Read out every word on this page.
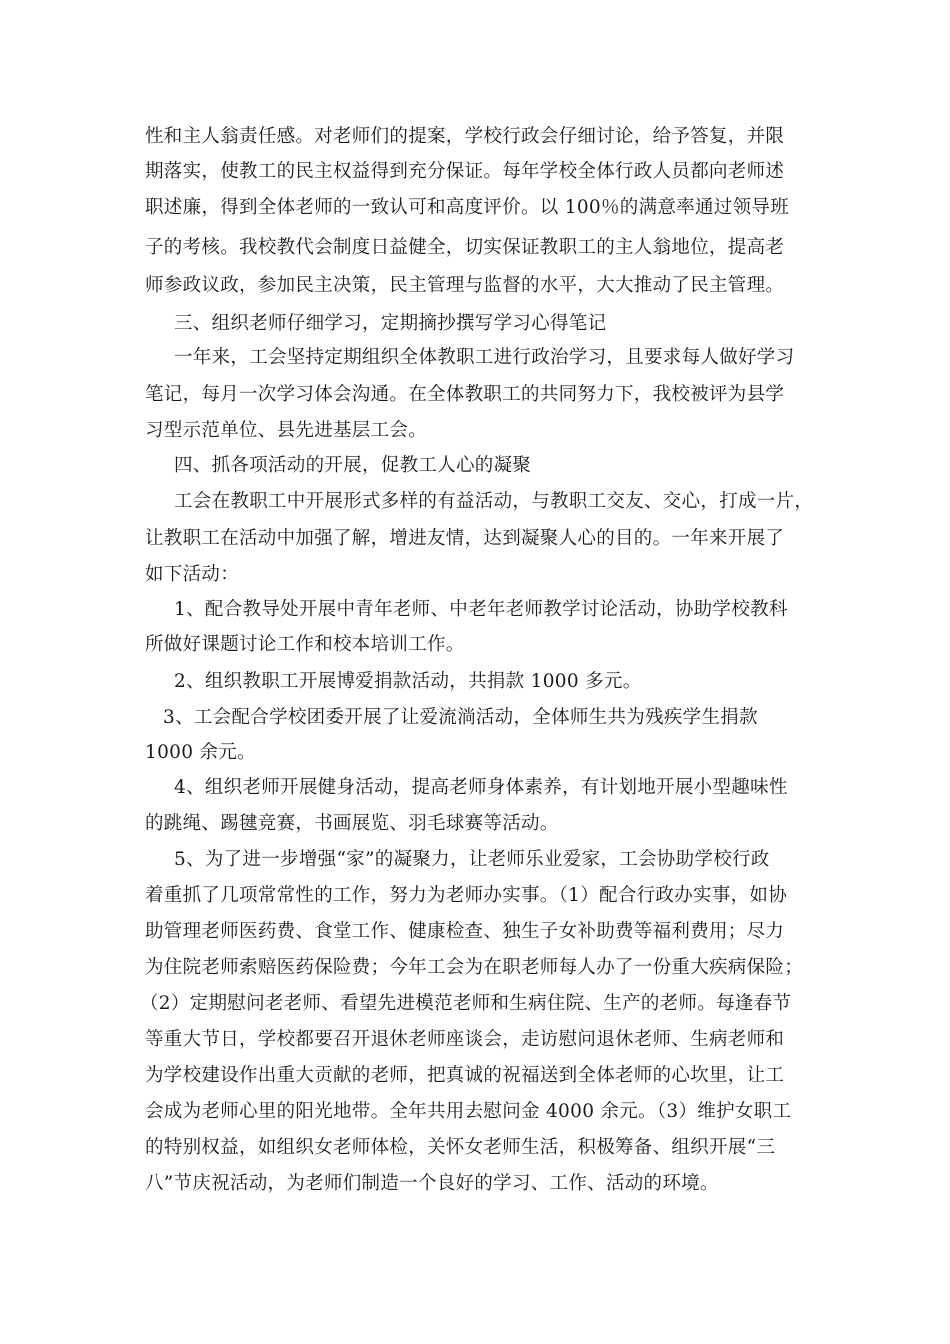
性和主人翁责任感。对老师们的提案，学校行政会仔细讨论，给予答复，并限
期落实，使教工的民主权益得到充分保证。每年学校全体行政人员都向老师述
职述廉，得到全体老师的一致认可和高度评价。以 100％的满意率通过领导班
子的考核。我校教代会制度日益健全，切实保证教职工的主人翁地位，提高老
师参政议政，参加民主决策，民主管理与监督的水平，大大推动了民主管理。
三、组织老师仔细学习，定期摘抄撰写学习心得笔记
一年来，工会坚持定期组织全体教职工进行政治学习，且要求每人做好学习
笔记，每月一次学习体会沟通。在全体教职工的共同努力下，我校被评为县学
习型示范单位、县先进基层工会。
四、抓各项活动的开展，促教工人心的凝聚
工会在教职工中开展形式多样的有益活动，与教职工交友、交心，打成一片，
让教职工在活动中加强了解，增进友情，达到凝聚人心的目的。一年来开展了
如下活动：
1、配合教导处开展中青年老师、中老年老师教学讨论活动，协助学校教科
所做好课题讨论工作和校本培训工作。
2、组织教职工开展博爱捐款活动，共捐款 1000 多元。
3、工会配合学校团委开展了让爱流淌活动，全体师生共为残疾学生捐款
1000 余元。
4、组织老师开展健身活动，提高老师身体素养，有计划地开展小型趣味性
的跳绳、踢毽竞赛，书画展览、羽毛球赛等活动。
5、为了进一步增强“家”的凝聚力，让老师乐业爱家，工会协助学校行政
着重抓了几项常常性的工作，努力为老师办实事。（1）配合行政办实事，如协
助管理老师医药费、食堂工作、健康检查、独生子女补助费等福利费用；尽力
为住院老师索赔医药保险费；今年工会为在职老师每人办了一份重大疾病保险；
（2）定期慰问老老师、看望先进模范老师和生病住院、生产的老师。每逢春节
等重大节日，学校都要召开退休老师座谈会，走访慰问退休老师、生病老师和
为学校建设作出重大贡献的老师，把真诚的祝福送到全体老师的心坎里，让工
会成为老师心里的阳光地带。全年共用去慰问金 4000 余元。（3）维护女职工
的特别权益，如组织女老师体检，关怀女老师生活，积极筹备、组织开展“三
八”节庆祝活动，为老师们制造一个良好的学习、工作、活动的环境。
